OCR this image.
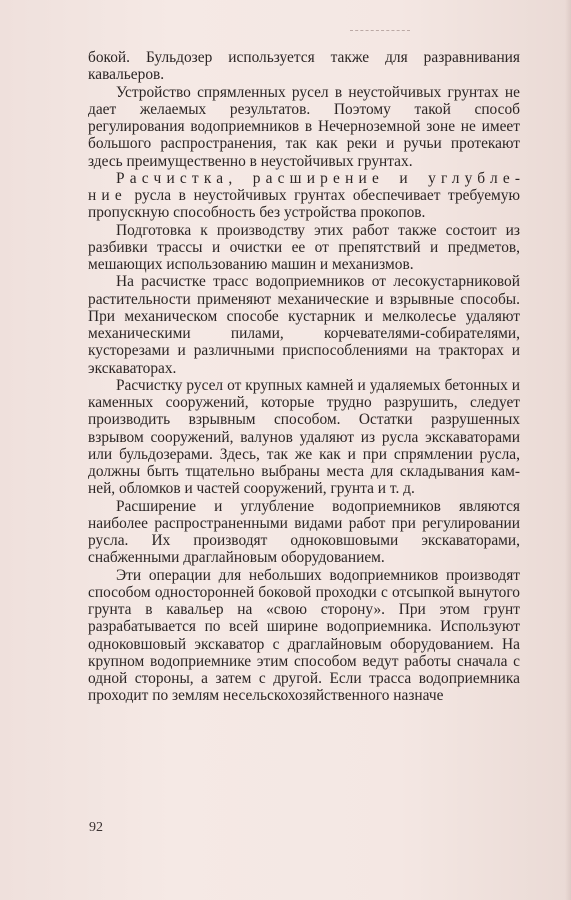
бокой. Бульдозер используется также для разравнивания кавальеров.

Устройство спрямленных русел в неустойчивых грунтах не дает желаемых результатов. Поэтому такой способ регулирования водоприемников в Нечерноземной зоне не имеет большого распространения, так как реки и ручьи протекают здесь преимущественно в неустойчивых грунтах.

Расчистка, расширение и углубление русла в неустойчивых грунтах обеспечивает требуемую пропускную способность без устройства прокопов.

Подготовка к производству этих работ также состоит из разбивки трассы и очистки ее от препятствий и предметов, мешающих использованию машин и механизмов.

На расчистке трасс водоприемников от лесокустарниковой растительности применяют механические и взрывные способы. При механическом способе кустарник и мелколесье удаляют механическими пилами, корчевателями-собирателями, кусторезами и различными приспособлениями на тракторах и экскаваторах.

Расчистку русел от крупных камней и удаляемых бетонных и каменных сооружений, которые трудно разрушить, следует производить взрывным способом. Остатки разрушенных взрывом сооружений, валунов удаляют из русла экскаваторами или бульдозерами. Здесь, так же как и при спрямлении русла, должны быть тщательно выбраны места для складывания камней, обломков и частей сооружений, грунта и т. д.

Расширение и углубление водоприемников являются наиболее распространенными видами работ при регулировании русла. Их производят одноковшовыми экскаваторами, снабженными драглайновым оборудованием.

Эти операции для небольших водоприемников производят способом односторонней боковой проходки с отсыпкой вынутого грунта в кавальер на «свою сторону». При этом грунт разрабатывается по всей ширине водоприемника. Используют одноковшовый экскаватор с драглайновым оборудованием. На крупном водоприемнике этим способом ведут работы сначала с одной стороны, а затем с другой. Если трасса водоприемника проходит по землям несельскохозяйственного назначе

92
